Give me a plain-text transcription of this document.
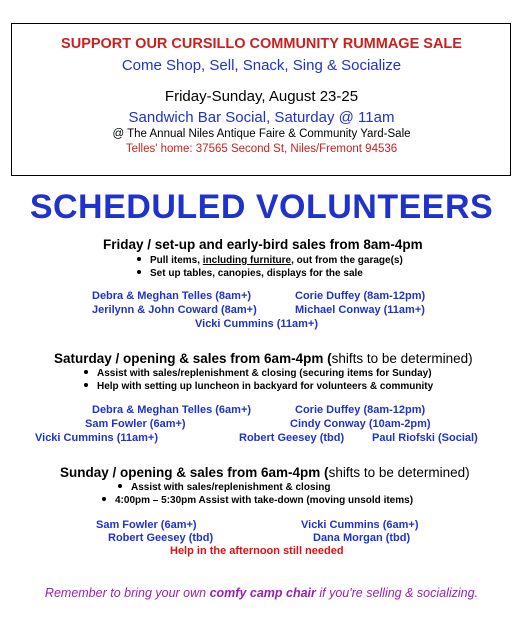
SUPPORT OUR CURSILLO COMMUNITY RUMMAGE SALE
Come Shop, Sell, Snack, Sing & Socialize
Friday-Sunday, August 23-25
Sandwich Bar Social, Saturday @ 11am
@ The Annual Niles Antique Faire & Community Yard-Sale
Telles' home: 37565 Second St, Niles/Fremont 94536
SCHEDULED VOLUNTEERS
Friday / set-up and early-bird sales from 8am-4pm
Pull items, including furniture, out from the garage(s)
Set up tables, canopies, displays for the sale
Debra & Meghan Telles (8am+)	Corie Duffey (8am-12pm)
Jerilynn & John Coward (8am+)	Michael Conway (11am+)
Vicki Cummins (11am+)
Saturday / opening & sales from 6am-4pm (shifts to be determined)
Assist with sales/replenishment & closing (securing items for Sunday)
Help with setting up luncheon in backyard for volunteers & community
Debra & Meghan Telles (6am+)	Corie Duffey (8am-12pm)
Sam Fowler (6am+)	Cindy Conway (10am-2pm)
Vicki Cummins (11am+)	Robert Geesey (tbd)	Paul Riofski (Social)
Sunday / opening & sales from 6am-4pm (shifts to be determined)
Assist with sales/replenishment & closing
4:00pm – 5:30pm Assist with take-down (moving unsold items)
Sam Fowler (6am+)	Vicki Cummins (6am+)
Robert Geesey (tbd)	Dana Morgan (tbd)
Help in the afternoon still needed
Remember to bring your own comfy camp chair if you're selling & socializing.
